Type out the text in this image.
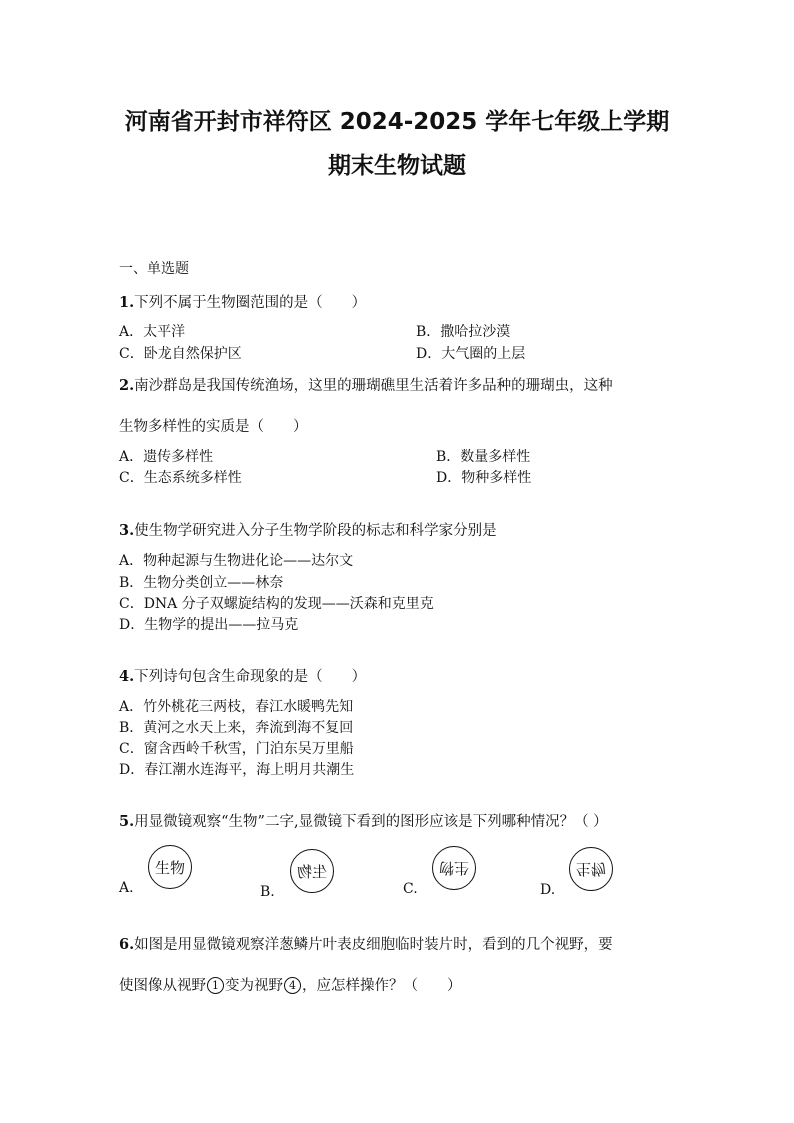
河南省开封市祥符区 2024-2025 学年七年级上学期
期末生物试题
一、单选题
1.下列不属于生物圈范围的是（　　）
A．太平洋	B．撒哈拉沙漠
C．卧龙自然保护区	D．大气圈的上层
2.南沙群岛是我国传统渔场，这里的珊瑚礁里生活着许多品种的珊瑚虫，这种
生物多样性的实质是（　　）
A．遗传多样性	B．数量多样性
C．生态系统多样性	D．物种多样性
3.使生物学研究进入分子生物学阶段的标志和科学家分别是
A．物种起源与生物进化论——达尔文
B．生物分类创立——林奈
C．DNA 分子双螺旋结构的发现——沃森和克里克
D．生物学的提出——拉马克
4.下列诗句包含生命现象的是（　　）
A．竹外桃花三两枝，春江水暖鸭先知
B．黄河之水天上来，奔流到海不复回
C．窗含西岭千秋雪，门泊东吴万里船
D．春江潮水连海平，海上明月共潮生
5.用显微镜观察“生物”二字,显微镜下看到的图形应该是下列哪种情况？（ ）
A.
生物
B.
生物
C.
生物
D.
生物
6.如图是用显微镜观察洋葱鳞片叶表皮细胞临时装片时，看到的几个视野，要
使图像从视野 1 变为视野 4 ，应怎样操作？（　　）
